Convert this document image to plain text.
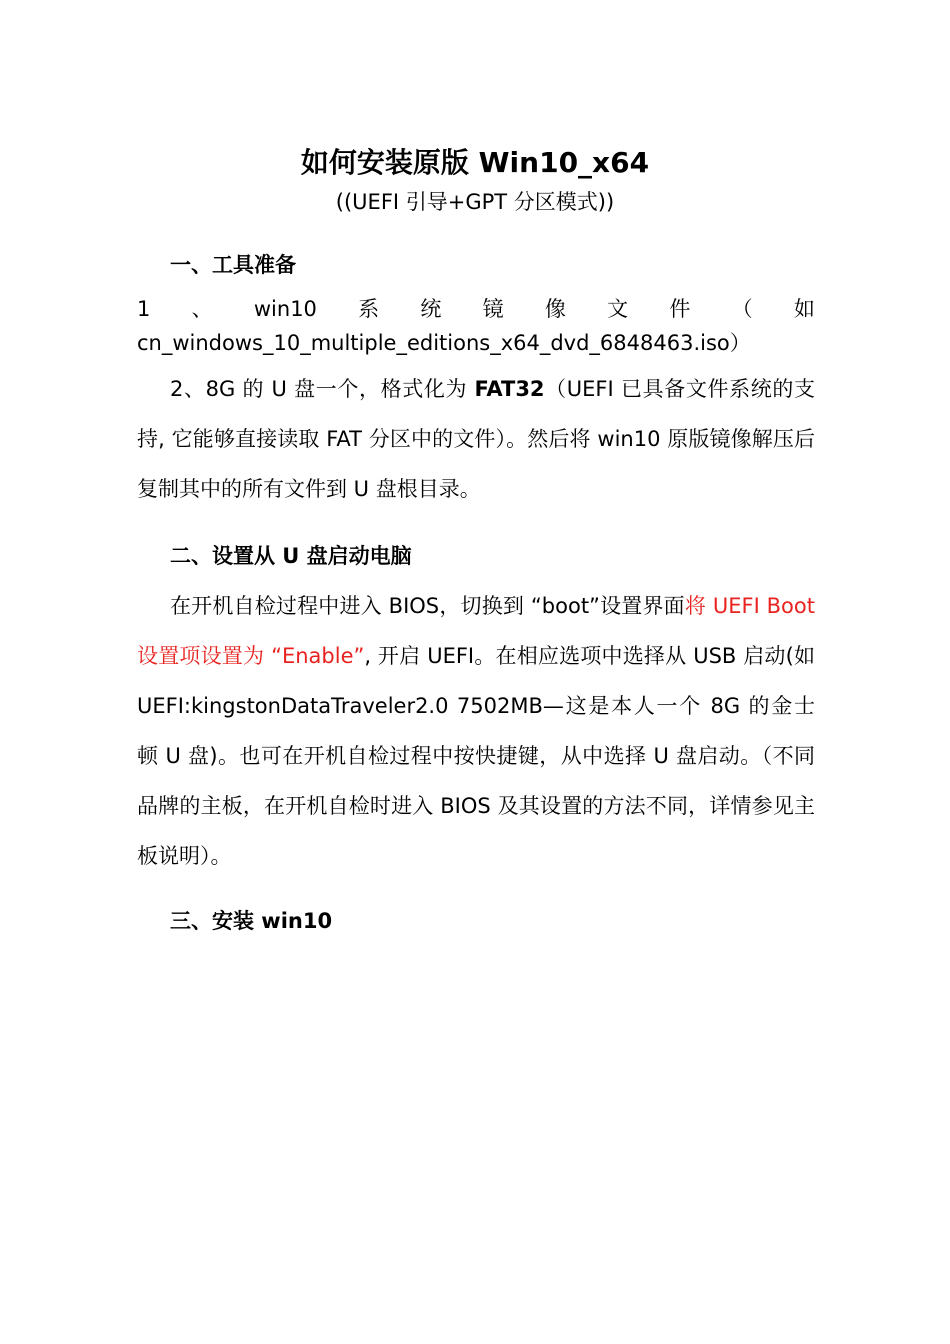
如何安装原版 Win10_x64
((UEFI 引导+GPT 分区模式))
一、工具准备
1 、 win10 系 统 镜 像 文 件 （ 如
cn_windows_10_multiple_editions_x64_dvd_6848463.iso）
2、8G 的 U 盘一个，格式化为 FAT32（UEFI 已具备文件系统的支持, 它能够直接读取 FAT 分区中的文件）。然后将 win10 原版镜像解压后复制其中的所有文件到 U 盘根目录。
二、设置从 U 盘启动电脑
在开机自检过程中进入 BIOS，切换到 “boot”设置界面将 UEFI Boot 设置项设置为 “Enable”, 开启 UEFI。在相应选项中选择从 USB 启动(如 UEFI:kingstonDataTraveler2.0 7502MB—这是本人一个 8G 的金士顿 U 盘)。也可在开机自检过程中按快捷键，从中选择 U 盘启动。（不同品牌的主板，在开机自检时进入 BIOS 及其设置的方法不同，详情参见主板说明）。
三、安装 win10
